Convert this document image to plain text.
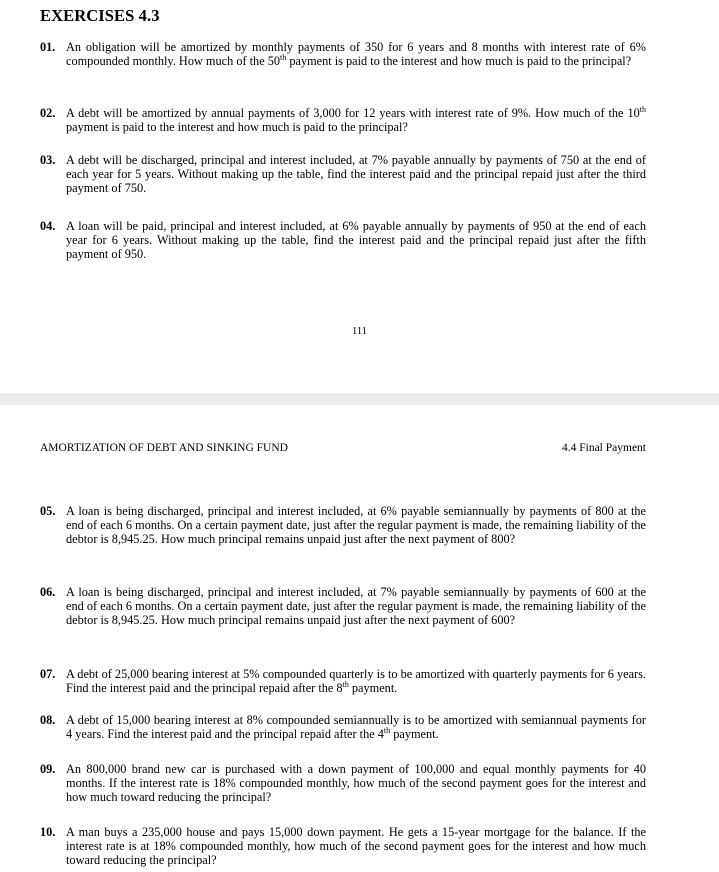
EXERCISES 4.3
01. An obligation will be amortized by monthly payments of 350 for 6 years and 8 months with interest rate of 6% compounded monthly. How much of the 50th payment is paid to the interest and how much is paid to the principal?
02. A debt will be amortized by annual payments of 3,000 for 12 years with interest rate of 9%. How much of the 10th payment is paid to the interest and how much is paid to the principal?
03. A debt will be discharged, principal and interest included, at 7% payable annually by payments of 750 at the end of each year for 5 years. Without making up the table, find the interest paid and the principal repaid just after the third payment of 750.
04. A loan will be paid, principal and interest included, at 6% payable annually by payments of 950 at the end of each year for 6 years. Without making up the table, find the interest paid and the principal repaid just after the fifth payment of 950.
111
AMORTIZATION OF DEBT AND SINKING FUND	4.4 Final Payment
05. A loan is being discharged, principal and interest included, at 6% payable semiannually by payments of 800 at the end of each 6 months. On a certain payment date, just after the regular payment is made, the remaining liability of the debtor is 8,945.25. How much principal remains unpaid just after the next payment of 800?
06. A loan is being discharged, principal and interest included, at 7% payable semiannually by payments of 600 at the end of each 6 months. On a certain payment date, just after the regular payment is made, the remaining liability of the debtor is 8,945.25. How much principal remains unpaid just after the next payment of 600?
07. A debt of 25,000 bearing interest at 5% compounded quarterly is to be amortized with quarterly payments for 6 years. Find the interest paid and the principal repaid after the 8th payment.
08. A debt of 15,000 bearing interest at 8% compounded semiannually is to be amortized with semiannual payments for 4 years. Find the interest paid and the principal repaid after the 4th payment.
09. An 800,000 brand new car is purchased with a down payment of 100,000 and equal monthly payments for 40 months. If the interest rate is 18% compounded monthly, how much of the second payment goes for the interest and how much toward reducing the principal?
10. A man buys a 235,000 house and pays 15,000 down payment. He gets a 15-year mortgage for the balance. If the interest rate is at 18% compounded monthly, how much of the second payment goes for the interest and how much toward reducing the principal?
